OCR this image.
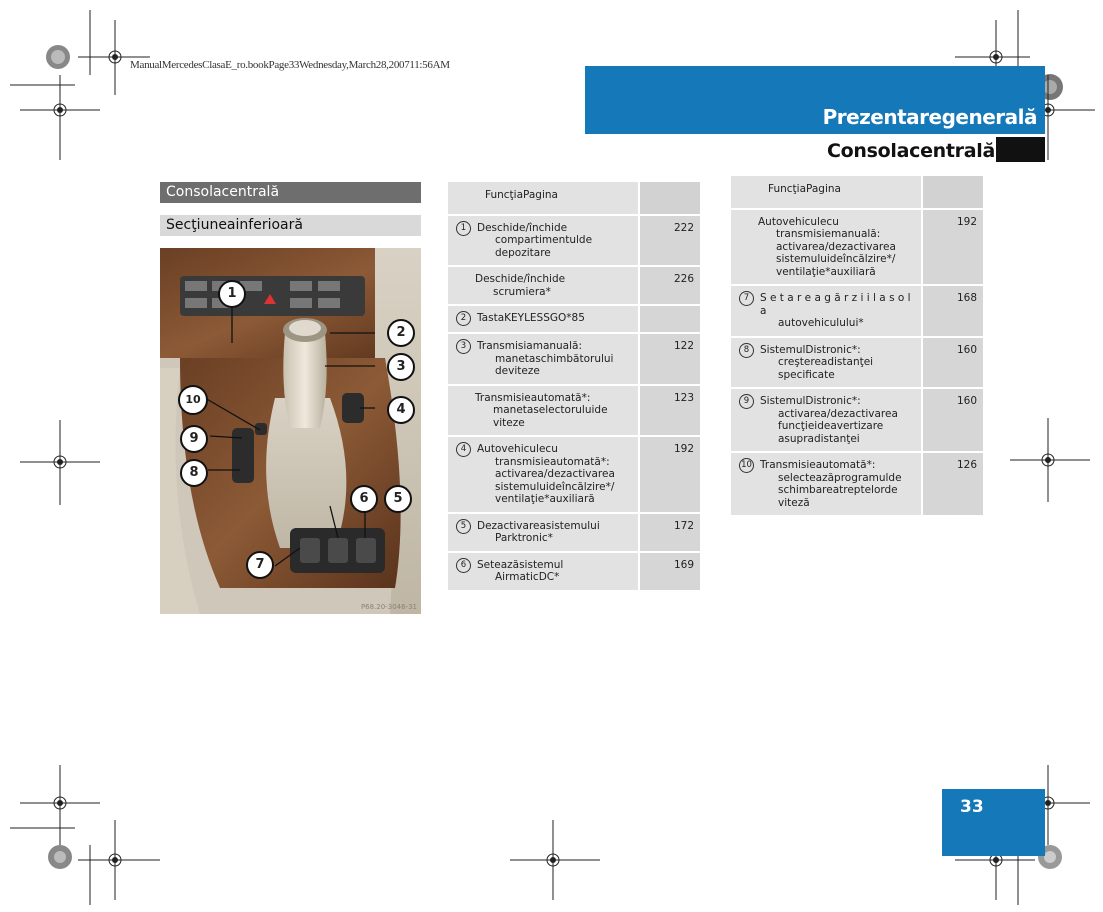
ManualMercedesClasaE_ro.bookPage33Wednesday,March28,200711:56AM
Prezentaregenerală
Consolacentrală
Consolacentrală
Secţiuneainferioară
1
2
3
4
5
6
7
8
9
10
P68.20-3046-31
FuncţiaPagina
1	Deschide/închide
compartimentulde
depozitare
222
Deschide/închide
scrumiera*
226
2	TastaKEYLESSGO*85
3	Transmisiamanuală:
manetaschimbătorului
deviteze
122
Transmisieautomată*:
manetaselectoruluide
viteze
123
4	Autovehiculecu
transmisieautomată*:
activarea/dezactivarea
sistemuluideîncălzire*/
ventilaţie*auxiliară
192
5	Dezactivareasistemului
Parktronic*
172
6	Seteazăsistemul
AirmaticDC*
169
FuncţiaPagina
Autovehiculecu
transmisiemanuală:
activarea/dezactivarea
sistemuluideîncălzire*/
ventilaţie*auxiliară
192
7	S e t a r e a g ă r z i i l a s o l a
autovehiculului*
168
8	SistemulDistronic*:
creştereadistanţei
specificate
160
9	SistemulDistronic*:
activarea/dezactivarea
funcţieideavertizare
asupradistanţei
160
10 Transmisieautomată*:
selecteazăprogramulde
schimbareatreptelorde
viteză
126
33
